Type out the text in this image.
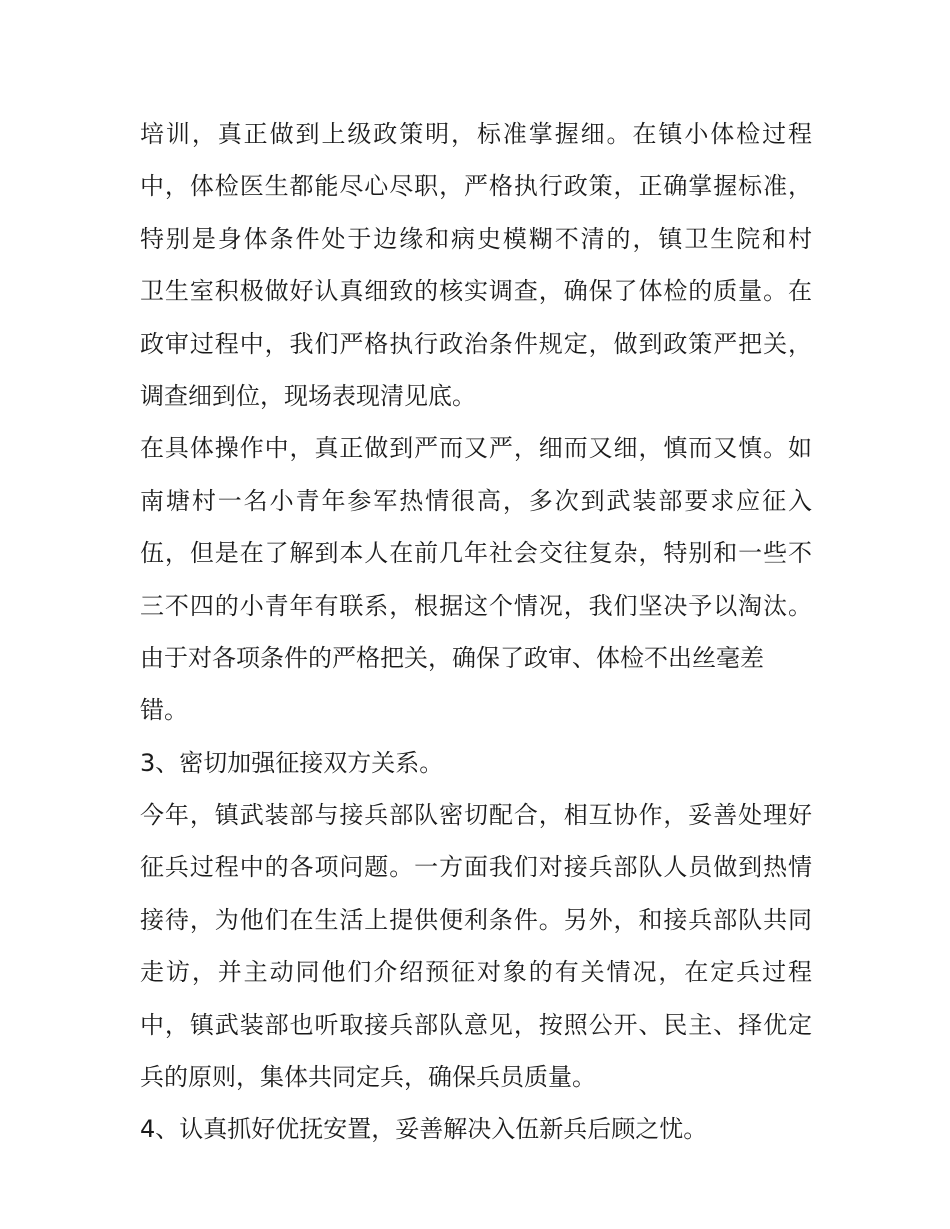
培训，真正做到上级政策明，标准掌握细。在镇小体检过程
中，体检医生都能尽心尽职，严格执行政策，正确掌握标准，
特别是身体条件处于边缘和病史模糊不清的，镇卫生院和村
卫生室积极做好认真细致的核实调查，确保了体检的质量。在
政审过程中，我们严格执行政治条件规定，做到政策严把关，
调查细到位，现场表现清见底。
在具体操作中，真正做到严而又严，细而又细，慎而又慎。如
南塘村一名小青年参军热情很高，多次到武装部要求应征入
伍，但是在了解到本人在前几年社会交往复杂，特别和一些不
三不四的小青年有联系，根据这个情况，我们坚决予以淘汰。
由于对各项条件的严格把关，确保了政审、体检不出丝毫差
错。
3、密切加强征接双方关系。
今年，镇武装部与接兵部队密切配合，相互协作，妥善处理好
征兵过程中的各项问题。一方面我们对接兵部队人员做到热情
接待，为他们在生活上提供便利条件。另外，和接兵部队共同
走访，并主动同他们介绍预征对象的有关情况，在定兵过程
中，镇武装部也听取接兵部队意见，按照公开、民主、择优定
兵的原则，集体共同定兵，确保兵员质量。
4、认真抓好优抚安置，妥善解决入伍新兵后顾之忧。
